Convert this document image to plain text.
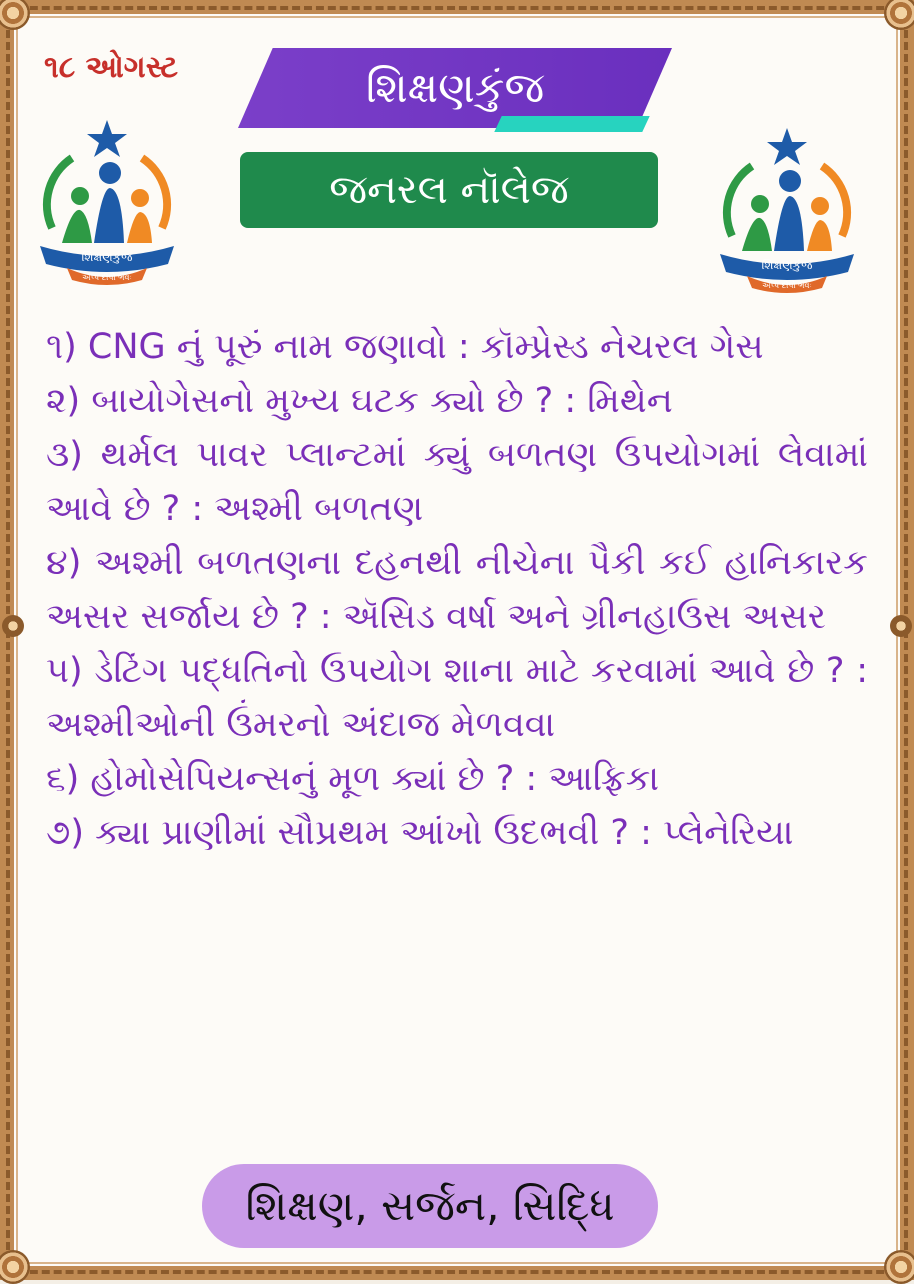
૧૮ ઓગસ્ટ	શિક્ષણકુંજ
જનરલ નૉલેજ
શિક્ષણકુંજ
અપ્પ દીપો ભવઃ
શિક્ષણકુંજ
અપ્પ દીપો ભવઃ
૧) CNG નું પૂરું નામ જણાવો : કૉમ્પ્રેસ્ડ નેચરલ ગેસ
૨) બાયોગેસનો મુખ્ય ઘટક ક્યો છે ? : મિથેન
૩) થર્મલ પાવર પ્લાન્ટમાં ક્યું બળતણ ઉપયોગમાં લેવામાં આવે છે ? : અશ્મી બળતણ
૪) અશ્મી બળતણના દહનથી નીચેના પૈકી કઈ હાનિકારક અસર સર્જાય છે ? : ઍસિડ વર્ષા અને ગ્રીનહાઉસ અસર
૫) ડેટિંગ પદ્ધતિનો ઉપયોગ શાના માટે કરવામાં આવે છે ? : અશ્મીઓની ઉંમરનો અંદાજ મેળવવા
૬) હોમોસેપિયન્સનું મૂળ ક્યાં છે ? : આફ્રિકા
૭) ક્યા પ્રાણીમાં સૌપ્રથમ આંખો ઉદભવી ? : પ્લેનેરિયા
શિક્ષણ, સર્જન, સિદ્ધિ
